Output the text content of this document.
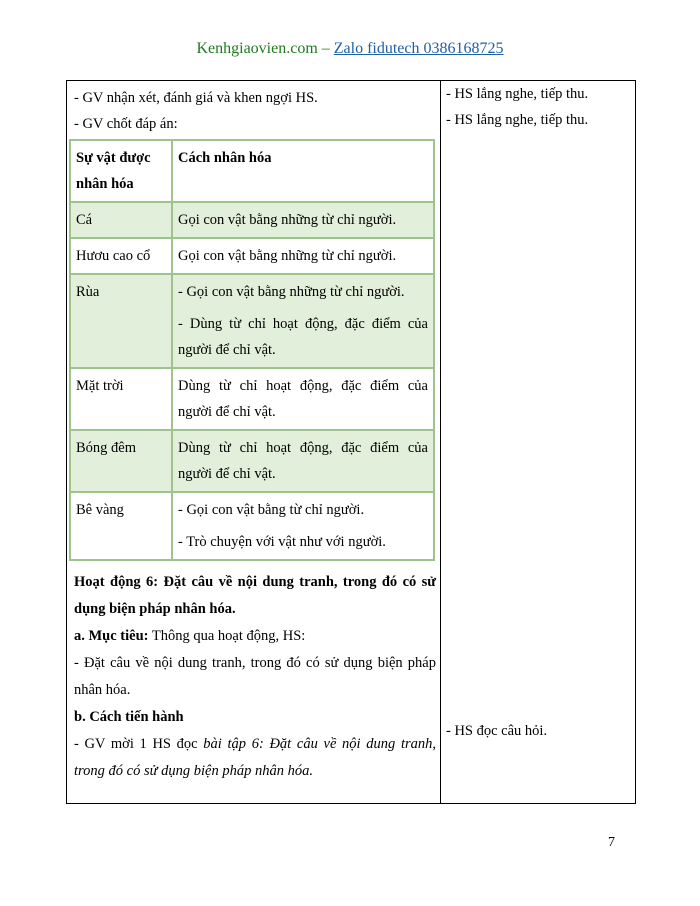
Kenhgiaovien.com – Zalo fidutech 0386168725

- GV nhận xét, đánh giá và khen ngợi HS.

- GV chốt đáp án:

Sự vật được nhân hóa	Cách nhân hóa
Cá	Gọi con vật bằng những từ chỉ người.
Hươu cao cổ	Gọi con vật bằng những từ chỉ người.
Rùa	- Gọi con vật bằng những từ chỉ người.
- Dùng từ chỉ hoạt động, đặc điểm của người để chỉ vật.

Mặt trời	Dùng từ chỉ hoạt động, đặc điểm của người để chỉ vật.
Bóng đêm	Dùng từ chỉ hoạt động, đặc điểm của người để chỉ vật.
Bê vàng	- Gọi con vật bằng từ chỉ người.
- Trò chuyện với vật như với người.

Hoạt động 6: Đặt câu về nội dung tranh, trong đó có sử dụng biện pháp nhân hóa.

a. Mục tiêu: Thông qua hoạt động, HS:

- Đặt câu về nội dung tranh, trong đó có sử dụng biện pháp nhân hóa.

b. Cách tiến hành

- GV mời 1 HS đọc bài tập 6: Đặt câu về nội dung tranh, trong đó có sử dụng biện pháp nhân hóa.

- HS lắng nghe, tiếp thu.

- HS lắng nghe, tiếp thu.

- HS đọc câu hỏi.

7
